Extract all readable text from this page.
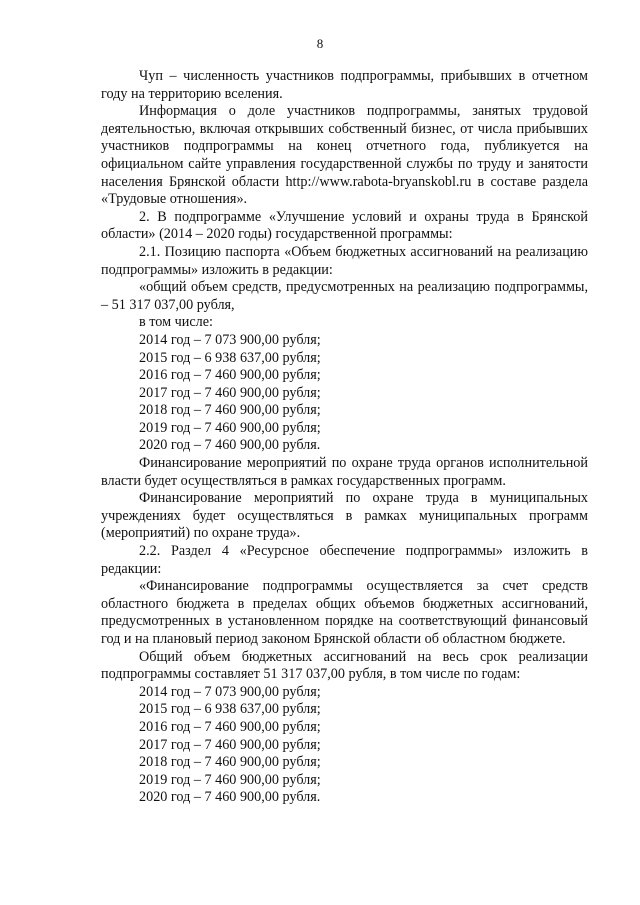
8

Чуп – численность участников подпрограммы, прибывших в отчетном году на территорию вселения.

Информация о доле участников подпрограммы, занятых трудовой деятельностью, включая открывших собственный бизнес, от числа прибывших участников подпрограммы на конец отчетного года, публикуется на официальном сайте управления государственной службы по труду и занятости населения Брянской области http://www.rabota-bryanskobl.ru в составе раздела «Трудовые отношения».

2. В подпрограмме «Улучшение условий и охраны труда в Брянской области» (2014 – 2020 годы) государственной программы:

2.1. Позицию паспорта «Объем бюджетных ассигнований на реализацию подпрограммы» изложить в редакции:

«общий объем средств, предусмотренных на реализацию подпрограммы, – 51 317 037,00 рубля,

в том числе:
2014 год – 7 073 900,00 рубля;
2015 год – 6 938 637,00 рубля;
2016 год – 7 460 900,00 рубля;
2017 год – 7 460 900,00 рубля;
2018 год – 7 460 900,00 рубля;
2019 год – 7 460 900,00 рубля;
2020 год – 7 460 900,00 рубля.

Финансирование мероприятий по охране труда органов исполнительной власти будет осуществляться в рамках государственных программ.

Финансирование мероприятий по охране труда в муниципальных учреждениях будет осуществляться в рамках муниципальных программ (мероприятий) по охране труда».

2.2. Раздел 4 «Ресурсное обеспечение подпрограммы» изложить в редакции:

«Финансирование подпрограммы осуществляется за счет средств областного бюджета в пределах общих объемов бюджетных ассигнований, предусмотренных в установленном порядке на соответствующий финансовый год и на плановый период законом Брянской области об областном бюджете.

Общий объем бюджетных ассигнований на весь срок реализации подпрограммы составляет 51 317 037,00 рубля, в том числе по годам:

2014 год – 7 073 900,00 рубля;
2015 год – 6 938 637,00 рубля;
2016 год – 7 460 900,00 рубля;
2017 год – 7 460 900,00 рубля;
2018 год – 7 460 900,00 рубля;
2019 год – 7 460 900,00 рубля;
2020 год – 7 460 900,00 рубля.
